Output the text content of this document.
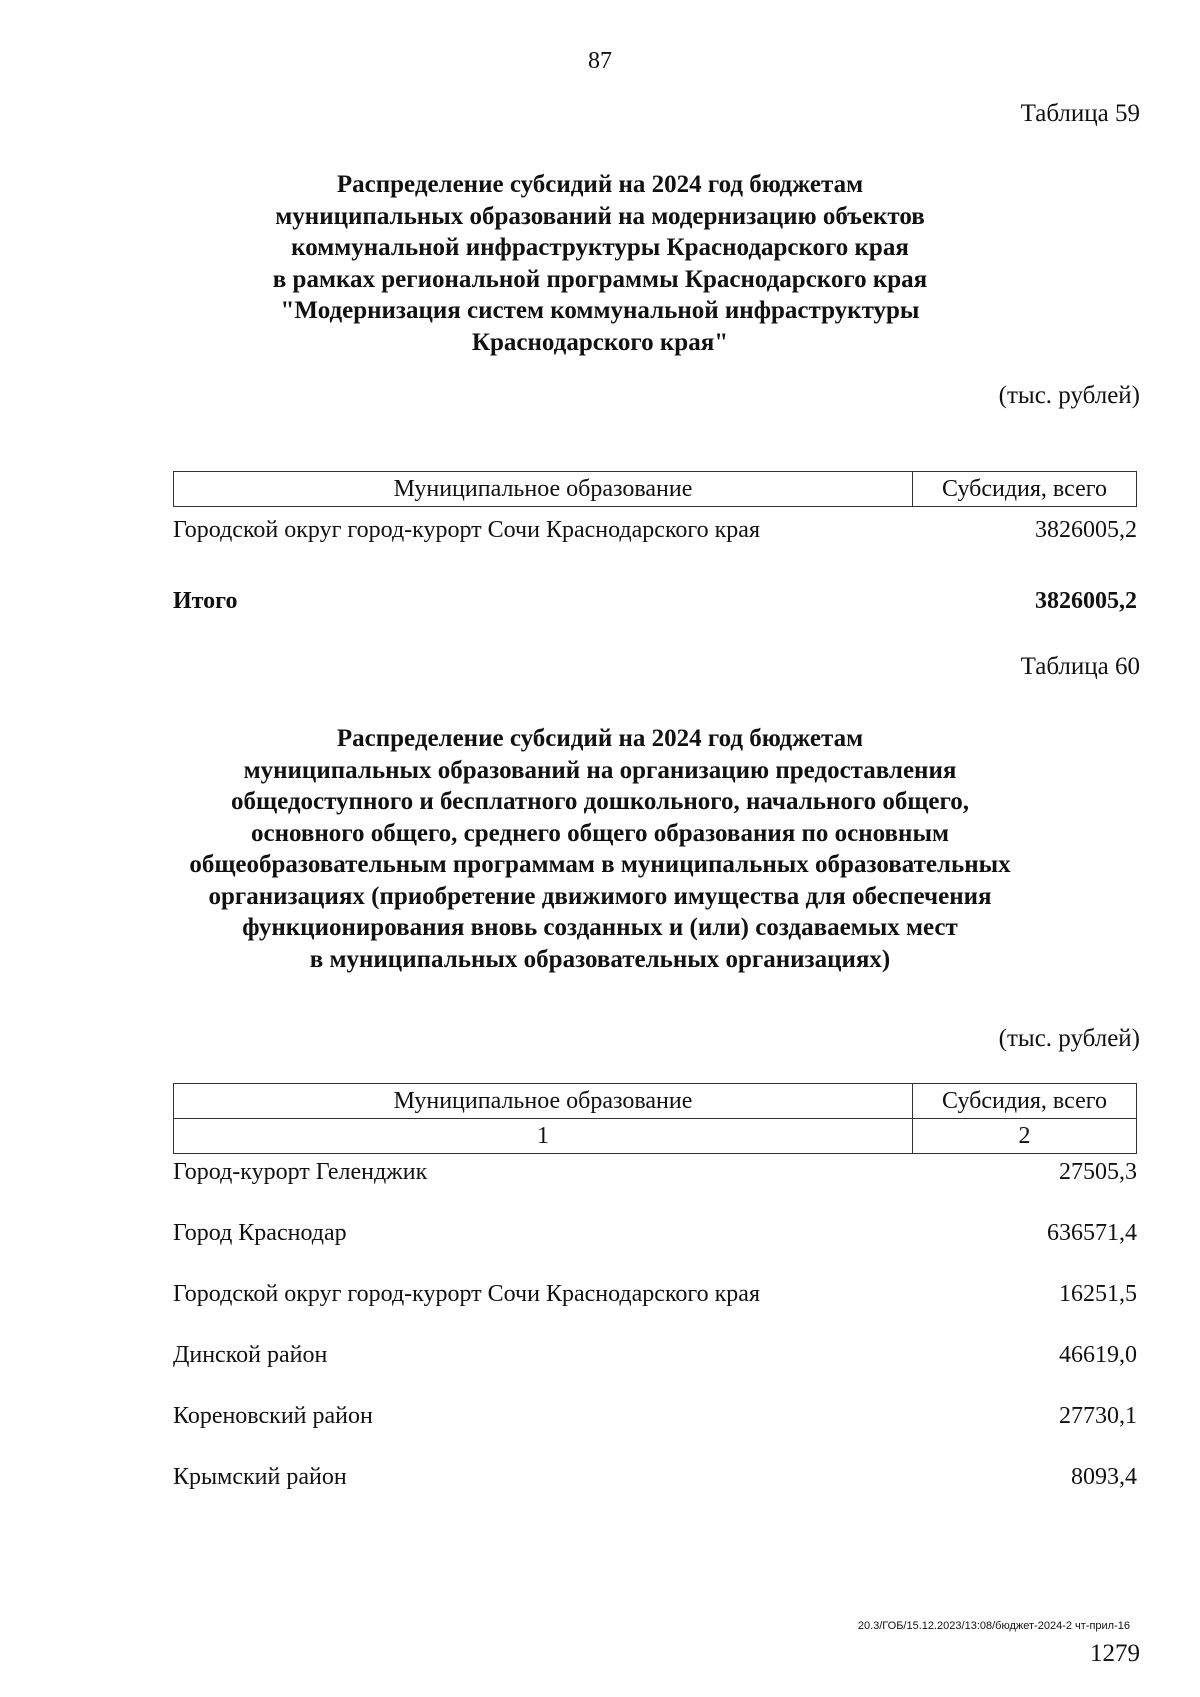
87
Таблица 59
Распределение субсидий на 2024 год бюджетам
муниципальных образований на модернизацию объектов
коммунальной инфраструктуры Краснодарского края
в рамках региональной программы Краснодарского края
"Модернизация систем коммунальной инфраструктуры
Краснодарского края"
(тыс. рублей)
Муниципальное образование	Субсидия, всего
Городской округ город-курорт Сочи Краснодарского края	3826005,2
Итого	3826005,2
Таблица 60
Распределение субсидий на 2024 год бюджетам
муниципальных образований на организацию предоставления
общедоступного и бесплатного дошкольного, начального общего,
основного общего, среднего общего образования по основным
общеобразовательным программам в муниципальных образовательных
организациях (приобретение движимого имущества для обеспечения
функционирования вновь созданных и (или) создаваемых мест
в муниципальных образовательных организациях)
(тыс. рублей)
Муниципальное образование	Субсидия, всего
1	2
Город-курорт Геленджик	27505,3
Город Краснодар	636571,4
Городской округ город-курорт Сочи Краснодарского края	16251,5
Динской район	46619,0
Кореновский район	27730,1
Крымский район	8093,4
20.3/ГОБ/15.12.2023/13:08/бюджет-2024-2 чт-прил-16
1279
